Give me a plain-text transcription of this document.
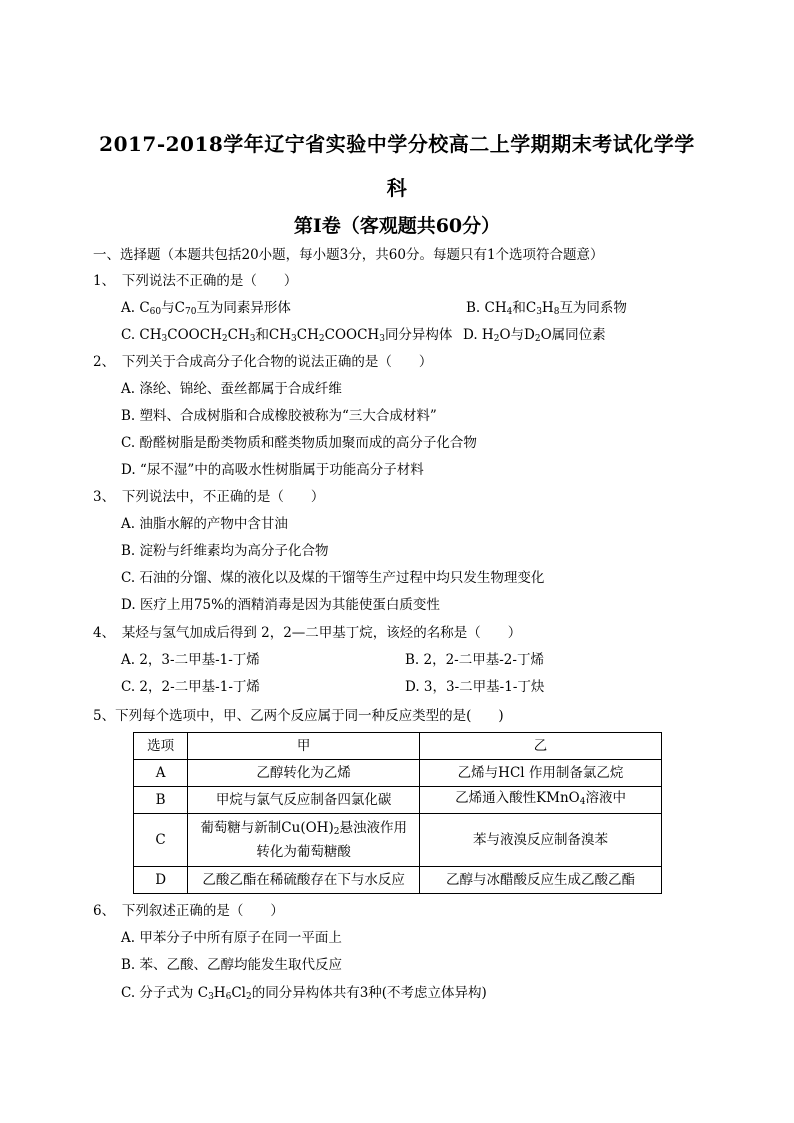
2017-2018学年辽宁省实验中学分校高二上学期期末考试化学学
科
第Ⅰ卷（客观题共60分）
一、选择题（本题共包括20小题，每小题3分，共60分。每题只有1个选项符合题意）
1、　下列说法不正确的是（　　）
A. $C_{60}$与$C_{70}$互为同素异形体	B. $CH_4$和$C_3H_8$互为同系物
C. $CH_3COOCH_2CH_3$和$CH_3CH_2COOCH_3$同分异构体 D. $H_2O$与$D_2O$属同位素
2、　下列关于合成高分子化合物的说法正确的是（　　）
A. 涤纶、锦纶、蚕丝都属于合成纤维
B. 塑料、合成树脂和合成橡胶被称为“三大合成材料”
C. 酚醛树脂是酚类物质和醛类物质加聚而成的高分子化合物
D. “尿不湿”中的高吸水性树脂属于功能高分子材料
3、　下列说法中，不正确的是（　　）
A. 油脂水解的产物中含甘油
B. 淀粉与纤维素均为高分子化合物
C. 石油的分馏、煤的液化以及煤的干馏等生产过程中均只发生物理变化
D. 医疗上用75%的酒精消毒是因为其能使蛋白质变性
4、　某烃与氢气加成后得到 2，2—二甲基丁烷，该烃的名称是（　　）
A. 2，3-二甲基-1-丁烯	B. 2，2-二甲基-2-丁烯
C. 2，2-二甲基-1-丁烯	D. 3，3-二甲基-1-丁炔
5、下列每个选项中，甲、乙两个反应属于同一种反应类型的是(　　)
选项	甲	乙
A	乙醇转化为乙烯	乙烯与HCl 作用制备氯乙烷
B	甲烷与氯气反应制备四氯化碳	乙烯通入酸性KMnO$_4$溶液中
C	葡萄糖与新制$Cu(OH)_2$悬浊液作用
转化为葡萄糖酸	苯与液溴反应制备溴苯
D	乙酸乙酯在稀硫酸存在下与水反应	乙醇与冰醋酸反应生成乙酸乙酯
6、　下列叙述正确的是（　　）
A. 甲苯分子中所有原子在同一平面上
B. 苯、乙酸、乙醇均能发生取代反应
C. 分子式为 $C_3H_6Cl_2$的同分异构体共有3种(不考虑立体异构)
